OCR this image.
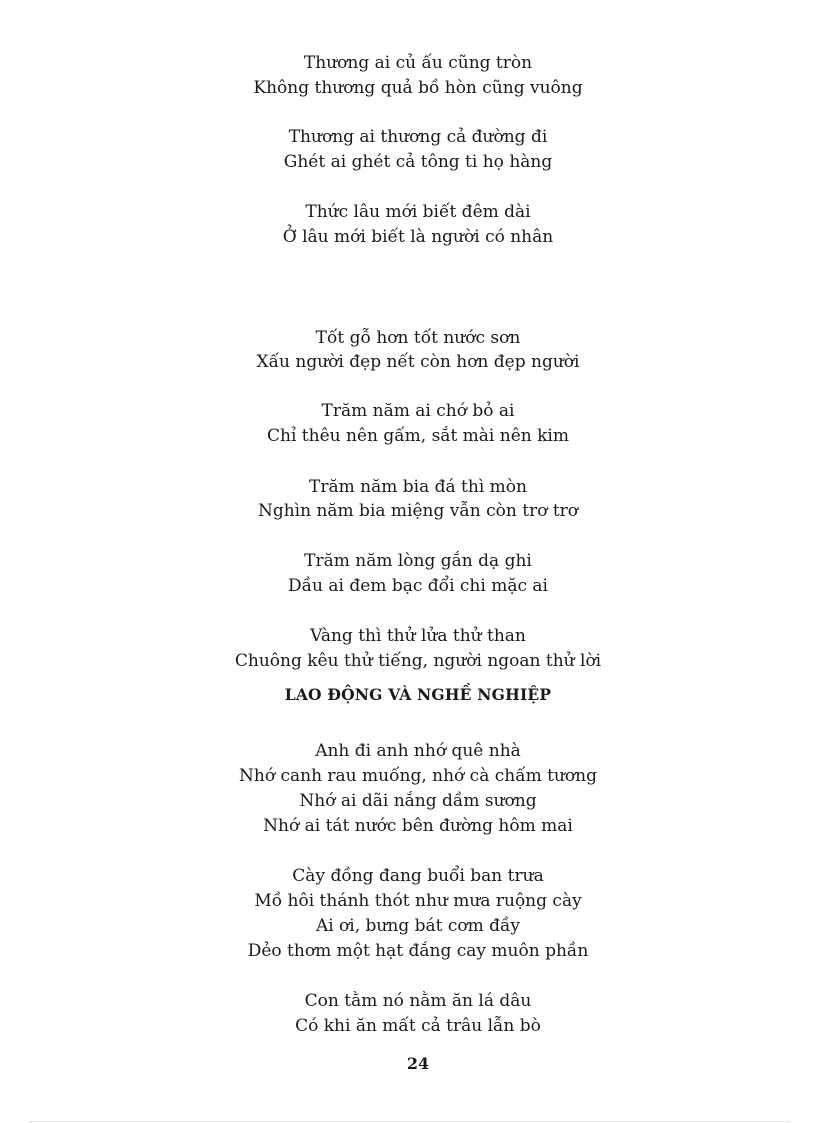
Thương ai củ ấu cũng tròn
Không thương quả bồ hòn cũng vuông
Thương ai thương cả đường đi
Ghét ai ghét cả tông ti họ hàng
Thức lâu mới biết đêm dài
Ở lâu mới biết là người có nhân
Tốt gỗ hơn tốt nước sơn
Xấu người đẹp nết còn hơn đẹp người
Trăm năm ai chớ bỏ ai
Chỉ thêu nên gấm, sắt mài nên kim
Trăm năm bia đá thì mòn
Nghìn năm bia miệng vẫn còn trơ trơ
Trăm năm lòng gắn dạ ghi
Dầu ai đem bạc đổi chi mặc ai
Vàng thì thử lửa thử than
Chuông kêu thử tiếng, người ngoan thử lời
LAO ĐỘNG VÀ NGHỀ NGHIỆP
Anh đi anh nhớ quê nhà
Nhớ canh rau muống, nhớ cà chấm tương
Nhớ ai dãi nắng dầm sương
Nhớ ai tát nước bên đường hôm mai
Cày đồng đang buổi ban trưa
Mồ hôi thánh thót như mưa ruộng cày
Ai ơi, bưng bát cơm đầy
Dẻo thơm một hạt đắng cay muôn phần
Con tằm nó nằm ăn lá dâu
Có khi ăn mất cả trâu lẫn bò
24
